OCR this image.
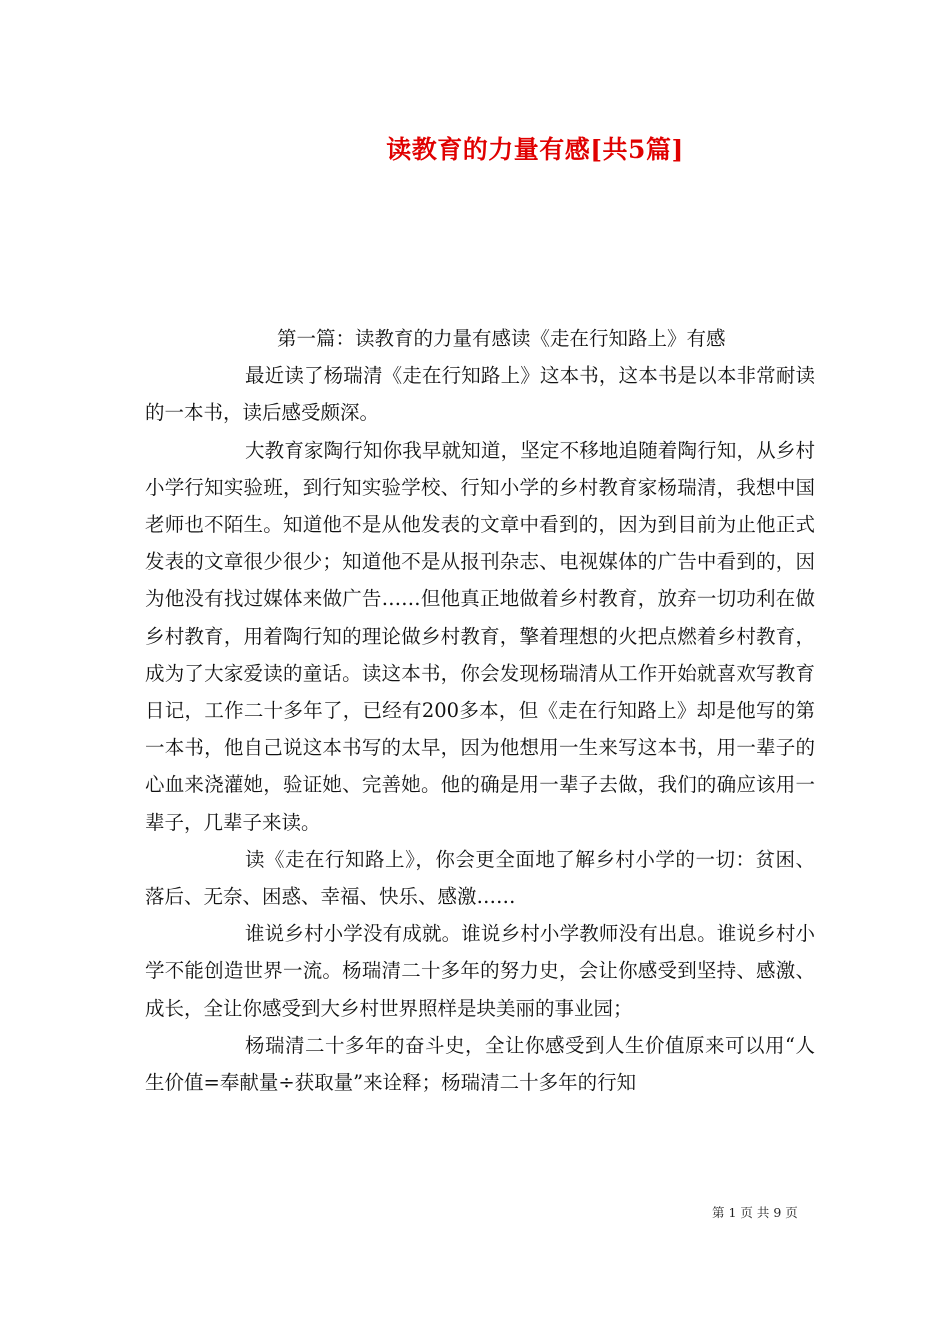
读教育的力量有感[共5篇]

第一篇：读教育的力量有感读《走在行知路上》有感

最近读了杨瑞清《走在行知路上》这本书，这本书是以本非常耐读的一本书，读后感受颇深。

大教育家陶行知你我早就知道，坚定不移地追随着陶行知，从乡村小学行知实验班，到行知实验学校、行知小学的乡村教育家杨瑞清，我想中国老师也不陌生。知道他不是从他发表的文章中看到的，因为到目前为止他正式发表的文章很少很少；知道他不是从报刊杂志、电视媒体的广告中看到的，因为他没有找过媒体来做广告……但他真正地做着乡村教育，放弃一切功利在做乡村教育，用着陶行知的理论做乡村教育，擎着理想的火把点燃着乡村教育，成为了大家爱读的童话。读这本书，你会发现杨瑞清从工作开始就喜欢写教育日记，工作二十多年了，已经有200多本，但《走在行知路上》却是他写的第一本书，他自己说这本书写的太早，因为他想用一生来写这本书，用一辈子的心血来浇灌她，验证她、完善她。他的确是用一辈子去做，我们的确应该用一辈子，几辈子来读。

读《走在行知路上》，你会更全面地了解乡村小学的一切：贫困、落后、无奈、困惑、幸福、快乐、感激……

谁说乡村小学没有成就。谁说乡村小学教师没有出息。谁说乡村小学不能创造世界一流。杨瑞清二十多年的努力史，会让你感受到坚持、感激、成长，全让你感受到大乡村世界照样是块美丽的事业园；

杨瑞清二十多年的奋斗史，全让你感受到人生价值原来可以用“人生价值=奉献量÷获取量”来诠释；杨瑞清二十多年的行知

第 1 页 共 9 页
